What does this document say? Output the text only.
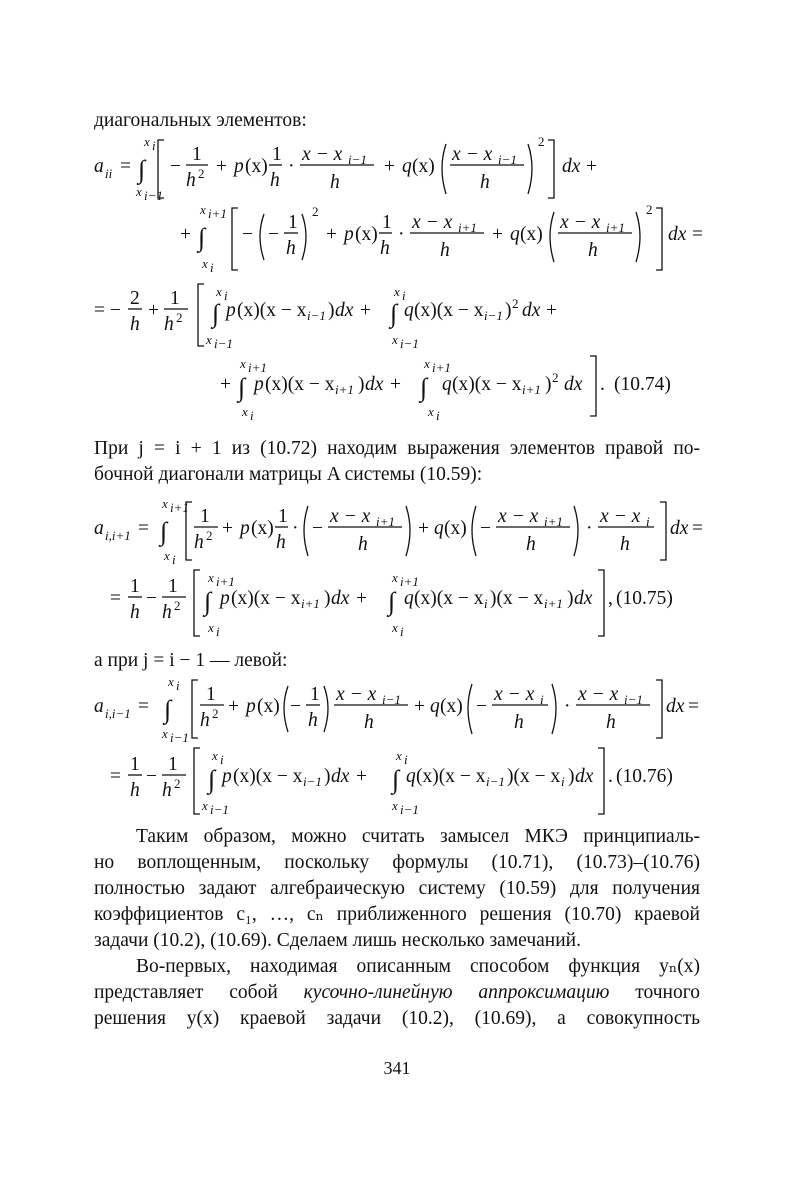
диагональных элементов:
a ii =
x i
∫
x i−1
−
1
h 2 + p (x)
1
h
·
x − x i−1
h
+ q (x)
x − x i−1
h
2
dx +
+
x i+1
∫
x i
− −
1
h
2
+ p (x)
1
h
·
x − x i+1
h
+ q (x)
x − x i+1
h
2
dx =
= −
2
h
+
1
h 2
x i
∫
x i−1
p (x)(x − x i−1 ) dx +
x i
∫
x i−1
q (x)(x − x i−1 ) 2 dx +
+
x i+1
∫
x i
p (x)(x − x i+1 ) dx +
x i+1
∫
x i
q (x)(x − x i+1 ) 2 dx . (10.74)
При j = i + 1 из (10.72) находим выражения элементов правой по-
бочной диагонали матрицы A системы (10.59):
a i,i+1 =
x i+1
∫
x i
1
h 2 + p (x)
1
h
· −
x − x i+1
h
+ q (x) −
x − x i+1
h
·
x − x i
h
dx =
=
1
h
−
1
h 2
x i+1
∫
x i
p (x)(x − x i+1 ) dx +
x i+1
∫
x i
q (x)(x − x i )(x − x i+1 ) dx , (10.75)
а при j = i − 1 — левой:
a i,i−1 =
x i
∫
x i−1
1
h 2 + p (x) −
1
h
x − x i−1
h
+ q (x) −
x − x i
h
·
x − x i−1
h
dx =
=
1
h
−
1
h 2
x i
∫
x i−1
p (x)(x − x i−1 ) dx +
x i
∫
x i−1
q (x)(x − x i−1 )(x − x i ) dx . (10.76)
Таким образом, можно считать замысел МКЭ принципиаль-
но воплощенным, поскольку формулы (10.71), (10.73)–(10.76)
полностью задают алгебраическую систему (10.59) для получения
коэффициентов c₁, …, cₙ приближенного решения (10.70) краевой
задачи (10.2), (10.69). Сделаем лишь несколько замечаний.
Во-первых, находимая описанным способом функция yₙ(x)
представляет собой кусочно-линейную аппроксимацию точного
решения y(x) краевой задачи (10.2), (10.69), а совокупность
341
